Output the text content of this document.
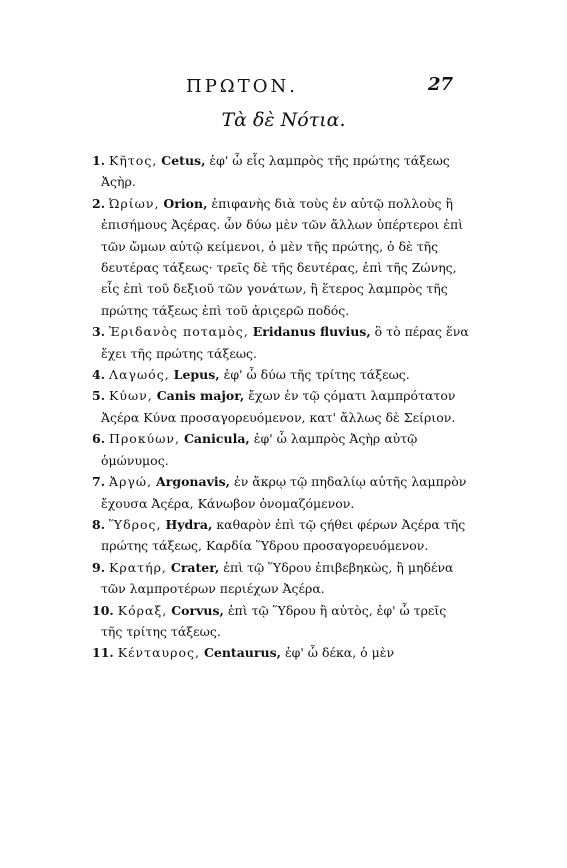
ΠΡΩΤΟΝ.	27
Τὰ δὲ Νότια.

1. Κῆτος, Cetus, ἐφ' ὧ εἷς λαμπρὸς τῆς πρώτης τάξεως Ἀςὴρ.

2. Ὠρίων, Orion, ἐπιφανὴς διὰ τοὺς ἐν αὐτῷ πολλοὺς ἢ ἐπισήμους Ἀςέρας. ὧν δύω μὲν τῶν ἄλλων ὑπέρτεροι ἐπὶ τῶν ὤμων αὐτῷ κείμενοι, ὁ μὲν τῆς πρώτης, ὁ δὲ τῆς δευτέρας τάξεως· τρεῖς δὲ τῆς δευτέρας, ἐπὶ τῆς Ζώνης, εἷς ἐπὶ τοῦ δεξιοῦ τῶν γονάτων, ἢ ἕτερος λαμπρὸς τῆς πρώτης τάξεως ἐπὶ τοῦ ἀριςερῶ ποδός.

3. Ἐριδανὸς ποταμὸς, Eridanus fluvius, ὃ τὸ πέρας ἕνα ἔχει τῆς πρώτης τάξεως.

4. Λαγωός, Lepus, ἐφ' ὧ δύω τῆς τρίτης τάξεως.

5. Κύων, Canis major, ἔχων ἐν τῷ ςόματι λαμπρότατον Ἀςέρα Κύνα προσαγορευόμενον, κατ' ἄλλως δὲ Σείριον.

6. Προκύων, Canicula, ἐφ' ὧ λαμπρὸς Ἀςὴρ αὐτῷ ὁμώνυμος.

7. Ἀργώ, Argonavis, ἐν ἄκρῳ τῷ πηδαλίῳ αὐτῆς λαμπρὸν ἔχουσα Ἀςέρα, Κάνωβον ὀνομαζόμενον.

8. Ὕδρος, Hydra, καθαρὸν ἐπὶ τῷ ςήθει φέρων Ἀςέρα τῆς πρώτης τάξεως, Καρδία Ὕδρου προσαγορευόμενον.

9. Κρατήρ, Crater, ἐπὶ τῷ Ὕδρου ἐπιβεβηκὼς, ἢ μηδένα τῶν λαμπροτέρων περιέχων Ἀςέρα.

10. Κόραξ, Corvus, ἐπὶ τῷ Ὕδρου ἢ αὐτὸς, ἐφ' ὧ τρεῖς τῆς τρίτης τάξεως.

11. Κένταυρος, Centaurus, ἐφ' ὧ δέκα, ὁ μὲν
